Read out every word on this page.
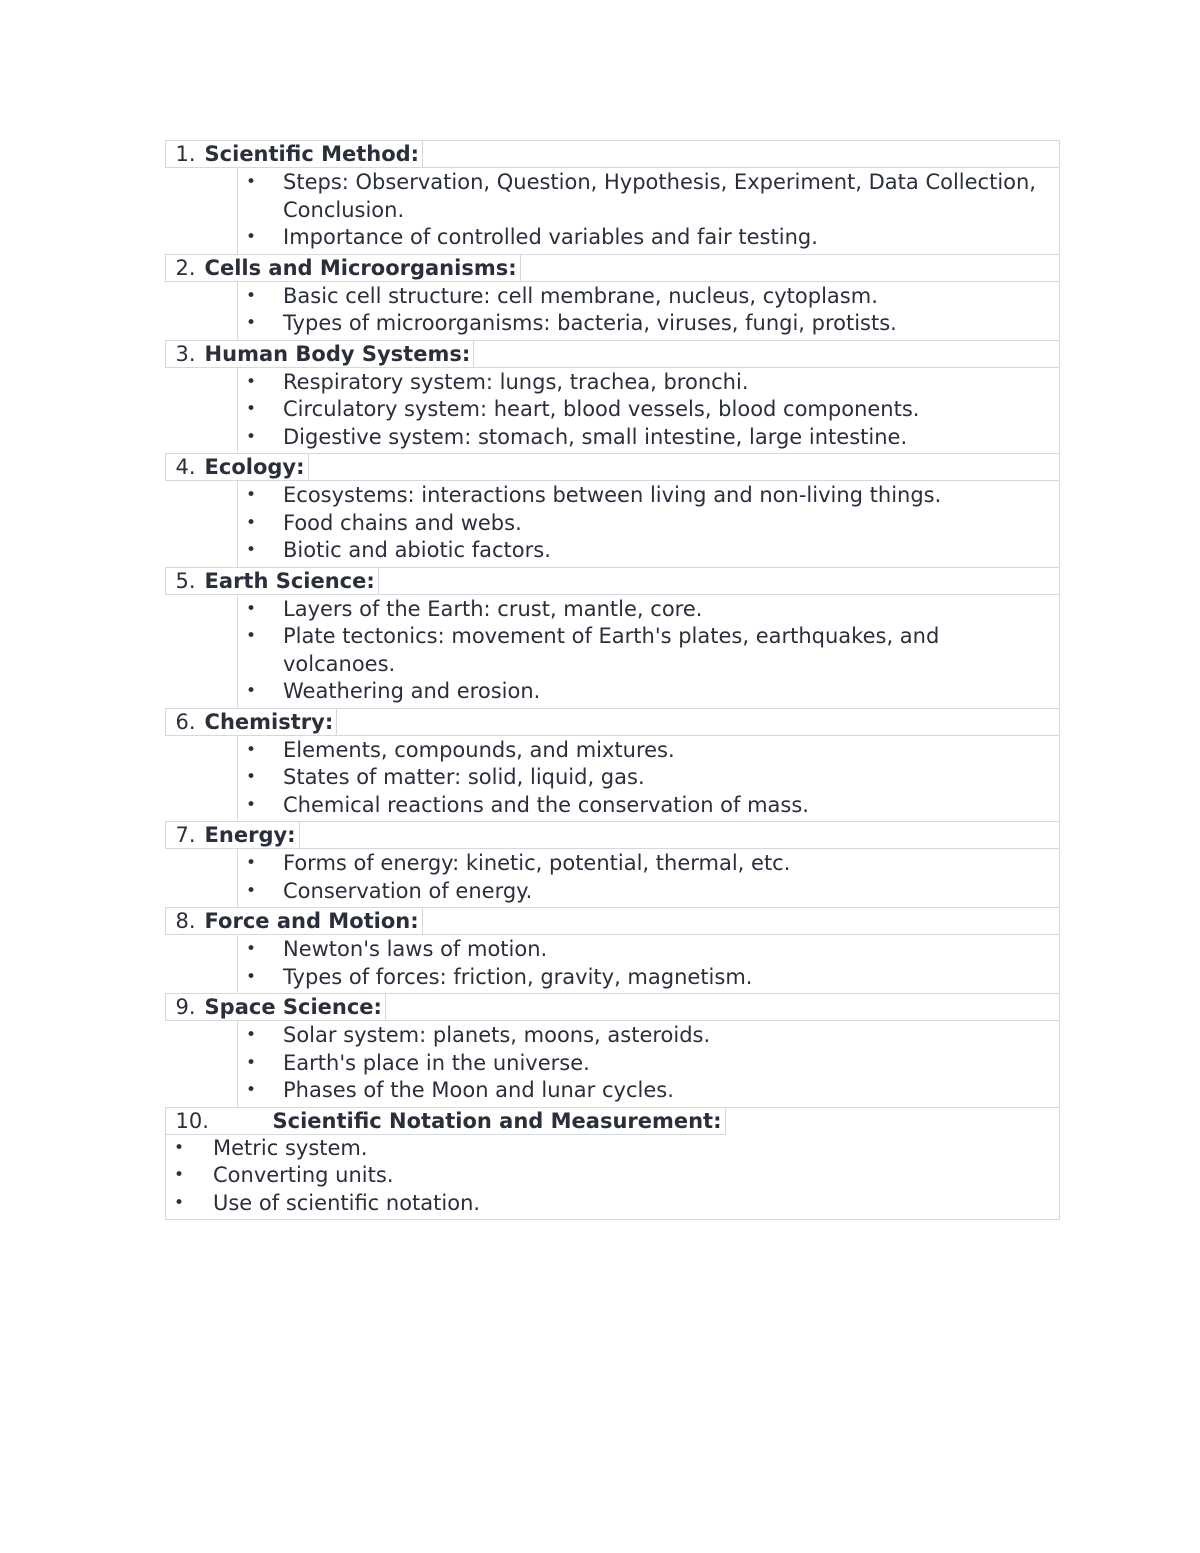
1. Scientific Method:
• Steps: Observation, Question, Hypothesis, Experiment, Data Collection, Conclusion.
• Importance of controlled variables and fair testing.
2. Cells and Microorganisms:
• Basic cell structure: cell membrane, nucleus, cytoplasm.
• Types of microorganisms: bacteria, viruses, fungi, protists.
3. Human Body Systems:
• Respiratory system: lungs, trachea, bronchi.
• Circulatory system: heart, blood vessels, blood components.
• Digestive system: stomach, small intestine, large intestine.
4. Ecology:
• Ecosystems: interactions between living and non-living things.
• Food chains and webs.
• Biotic and abiotic factors.
5. Earth Science:
• Layers of the Earth: crust, mantle, core.
• Plate tectonics: movement of Earth's plates, earthquakes, and volcanoes.
• Weathering and erosion.
6. Chemistry:
• Elements, compounds, and mixtures.
• States of matter: solid, liquid, gas.
• Chemical reactions and the conservation of mass.
7. Energy:
• Forms of energy: kinetic, potential, thermal, etc.
• Conservation of energy.
8. Force and Motion:
• Newton's laws of motion.
• Types of forces: friction, gravity, magnetism.
9. Space Science:
• Solar system: planets, moons, asteroids.
• Earth's place in the universe.
• Phases of the Moon and lunar cycles.
10.	Scientific Notation and Measurement:
• Metric system.
• Converting units.
• Use of scientific notation.
